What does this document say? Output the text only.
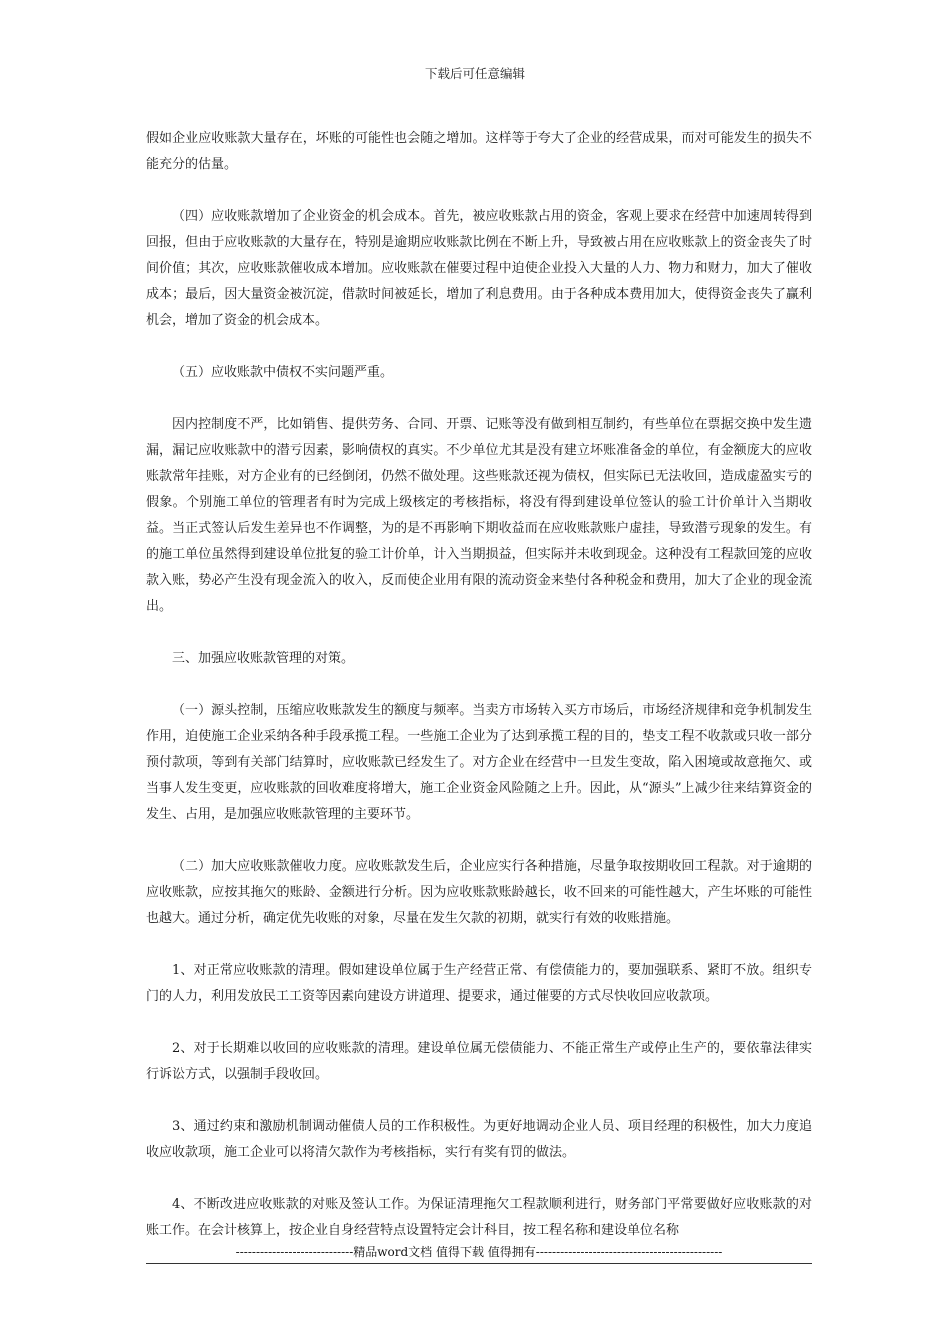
下载后可任意编辑

假如企业应收账款大量存在，坏账的可能性也会随之增加。这样等于夸大了企业的经营成果，而对可能发生的损失不能充分的估量。

（四）应收账款增加了企业资金的机会成本。首先，被应收账款占用的资金，客观上要求在经营中加速周转得到回报，但由于应收账款的大量存在，特别是逾期应收账款比例在不断上升，导致被占用在应收账款上的资金丧失了时间价值；其次，应收账款催收成本增加。应收账款在催要过程中迫使企业投入大量的人力、物力和财力，加大了催收成本；最后，因大量资金被沉淀，借款时间被延长，增加了利息费用。由于各种成本费用加大，使得资金丧失了赢利机会，增加了资金的机会成本。

（五）应收账款中债权不实问题严重。

因内控制度不严，比如销售、提供劳务、合同、开票、记账等没有做到相互制约，有些单位在票据交换中发生遗漏，漏记应收账款中的潜亏因素，影响债权的真实。不少单位尤其是没有建立坏账准备金的单位，有金额庞大的应收账款常年挂账，对方企业有的已经倒闭，仍然不做处理。这些账款还视为债权，但实际已无法收回，造成虚盈实亏的假象。个别施工单位的管理者有时为完成上级核定的考核指标，将没有得到建设单位签认的验工计价单计入当期收益。当正式签认后发生差异也不作调整，为的是不再影响下期收益而在应收账款账户虚挂，导致潜亏现象的发生。有的施工单位虽然得到建设单位批复的验工计价单，计入当期损益，但实际并未收到现金。这种没有工程款回笼的应收款入账，势必产生没有现金流入的收入，反而使企业用有限的流动资金来垫付各种税金和费用，加大了企业的现金流出。

三、加强应收账款管理的对策。

（一）源头控制，压缩应收账款发生的额度与频率。当卖方市场转入买方市场后，市场经济规律和竞争机制发生作用，迫使施工企业采纳各种手段承揽工程。一些施工企业为了达到承揽工程的目的，垫支工程不收款或只收一部分预付款项，等到有关部门结算时，应收账款已经发生了。对方企业在经营中一旦发生变故，陷入困境或故意拖欠、或当事人发生变更，应收账款的回收难度将增大，施工企业资金风险随之上升。因此，从“源头”上减少往来结算资金的发生、占用，是加强应收账款管理的主要环节。

（二）加大应收账款催收力度。应收账款发生后，企业应实行各种措施，尽量争取按期收回工程款。对于逾期的应收账款，应按其拖欠的账龄、金额进行分析。因为应收账款账龄越长，收不回来的可能性越大，产生坏账的可能性也越大。通过分析，确定优先收账的对象，尽量在发生欠款的初期，就实行有效的收账措施。

1、对正常应收账款的清理。假如建设单位属于生产经营正常、有偿债能力的，要加强联系、紧盯不放。组织专门的人力，利用发放民工工资等因素向建设方讲道理、提要求，通过催要的方式尽快收回应收款项。

2、对于长期难以收回的应收账款的清理。建设单位属无偿债能力、不能正常生产或停止生产的，要依靠法律实行诉讼方式，以强制手段收回。

3、通过约束和激励机制调动催债人员的工作积极性。为更好地调动企业人员、项目经理的积极性，加大力度追收应收款项，施工企业可以将清欠款作为考核指标，实行有奖有罚的做法。

4、不断改进应收账款的对账及签认工作。为保证清理拖欠工程款顺利进行，财务部门平常要做好应收账款的对账工作。在会计核算上，按企业自身经营特点设置特定会计科目，按工程名称和建设单位名称

-----------------------------精品word文档 值得下载 值得拥有----------------------------------------------
